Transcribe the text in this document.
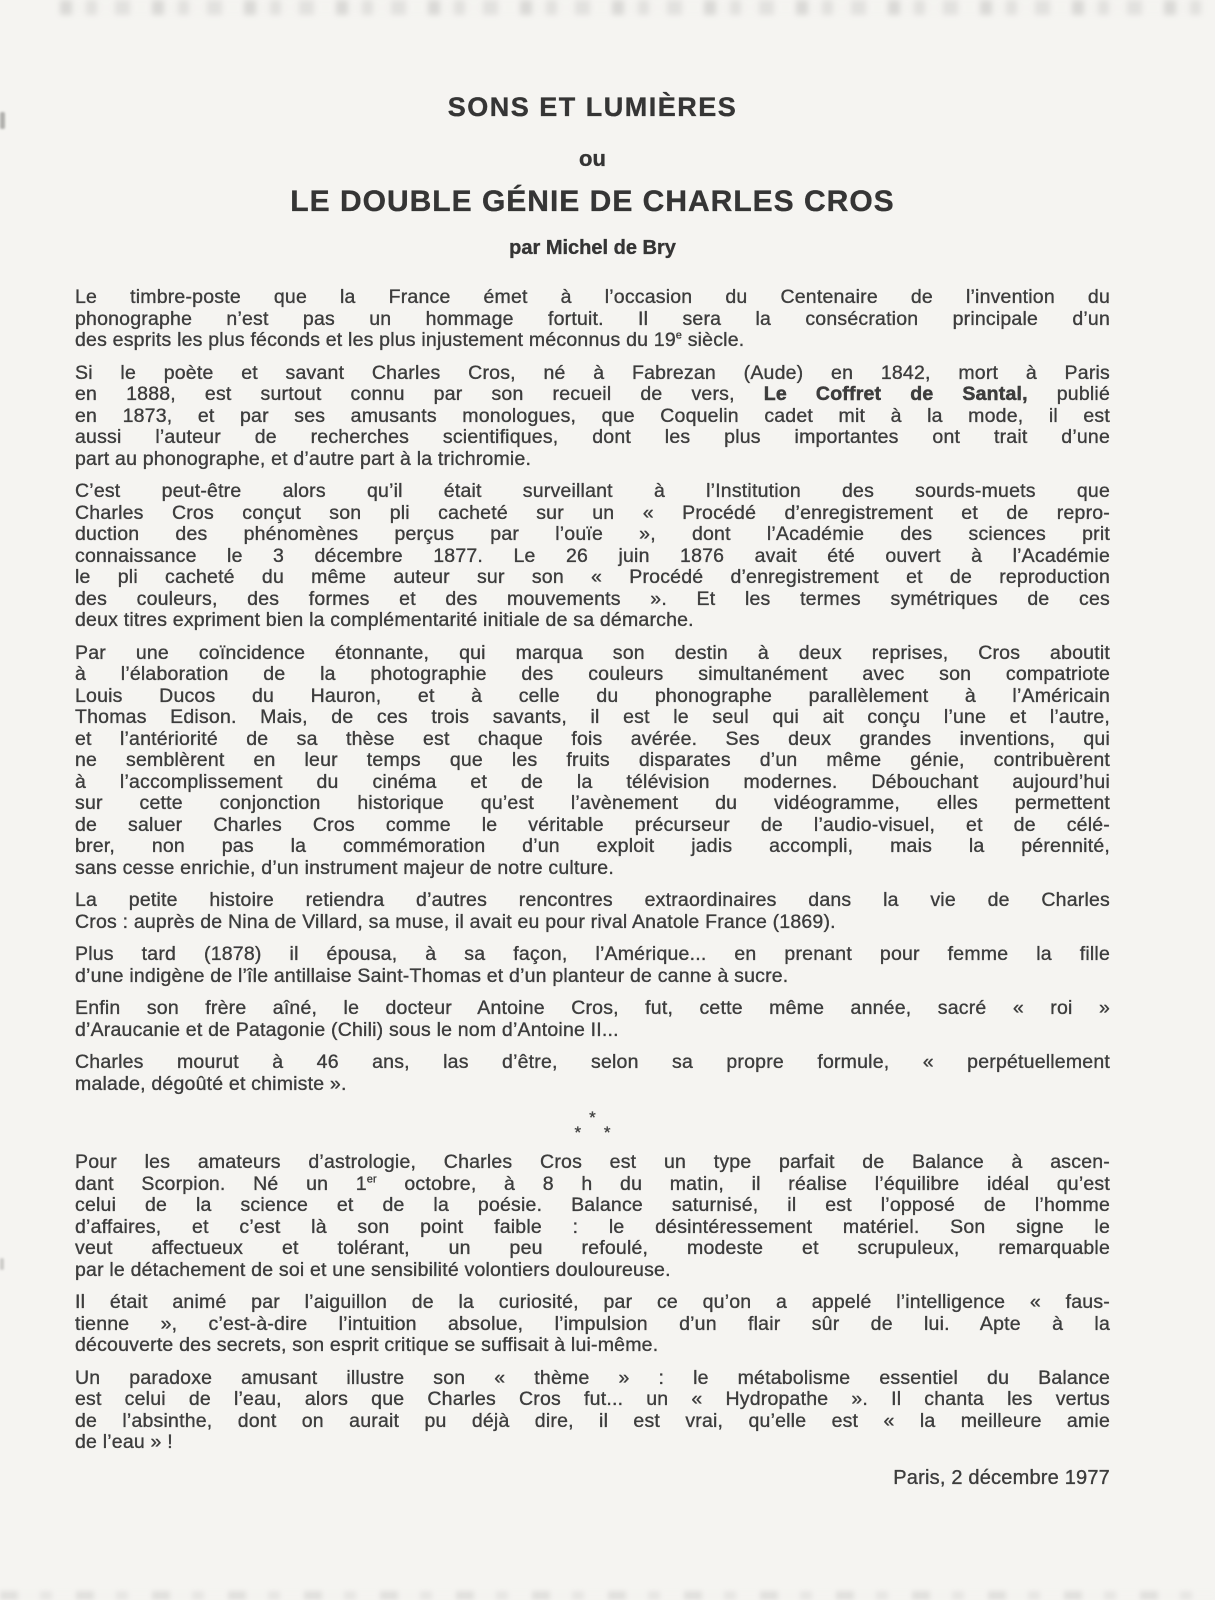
SONS ET LUMIÈRES
ou
LE DOUBLE GÉNIE DE CHARLES CROS
par Michel de Bry

Le timbre-poste que la France émet à l’occasion du Centenaire de l’invention du
phonographe n’est pas un hommage fortuit. Il sera la consécration principale d’un
des esprits les plus féconds et les plus injustement méconnus du 19e siècle.

Si le poète et savant Charles Cros, né à Fabrezan (Aude) en 1842, mort à Paris
en 1888, est surtout connu par son recueil de vers, Le Coffret de Santal, publié
en 1873, et par ses amusants monologues, que Coquelin cadet mit à la mode, il est
aussi l’auteur de recherches scientifiques, dont les plus importantes ont trait d’une
part au phonographe, et d’autre part à la trichromie.

C’est peut-être alors qu’il était surveillant à l’Institution des sourds-muets que
Charles Cros conçut son pli cacheté sur un « Procédé d’enregistrement et de repro-
duction des phénomènes perçus par l’ouïe », dont l’Académie des sciences prit
connaissance le 3 décembre 1877. Le 26 juin 1876 avait été ouvert à l’Académie
le pli cacheté du même auteur sur son « Procédé d’enregistrement et de reproduction
des couleurs, des formes et des mouvements ». Et les termes symétriques de ces
deux titres expriment bien la complémentarité initiale de sa démarche.

Par une coïncidence étonnante, qui marqua son destin à deux reprises, Cros aboutit
à l’élaboration de la photographie des couleurs simultanément avec son compatriote
Louis Ducos du Hauron, et à celle du phonographe parallèlement à l’Américain
Thomas Edison. Mais, de ces trois savants, il est le seul qui ait conçu l’une et l’autre,
et l’antériorité de sa thèse est chaque fois avérée. Ses deux grandes inventions, qui
ne semblèrent en leur temps que les fruits disparates d’un même génie, contribuèrent
à l’accomplissement du cinéma et de la télévision modernes. Débouchant aujourd’hui
sur cette conjonction historique qu’est l’avènement du vidéogramme, elles permettent
de saluer Charles Cros comme le véritable précurseur de l’audio-visuel, et de célé-
brer, non pas la commémoration d’un exploit jadis accompli, mais la pérennité,
sans cesse enrichie, d’un instrument majeur de notre culture.

La petite histoire retiendra d’autres rencontres extraordinaires dans la vie de Charles
Cros : auprès de Nina de Villard, sa muse, il avait eu pour rival Anatole France (1869).

Plus tard (1878) il épousa, à sa façon, l’Amérique... en prenant pour femme la fille
d’une indigène de l’île antillaise Saint-Thomas et d’un planteur de canne à sucre.

Enfin son frère aîné, le docteur Antoine Cros, fut, cette même année, sacré « roi »
d’Araucanie et de Patagonie (Chili) sous le nom d’Antoine II...

Charles mourut à 46 ans, las d’être, selon sa propre formule, « perpétuellement
malade, dégoûté et chimiste ».

*
* *

Pour les amateurs d’astrologie, Charles Cros est un type parfait de Balance à ascen-
dant Scorpion. Né un 1er octobre, à 8 h du matin, il réalise l’équilibre idéal qu’est
celui de la science et de la poésie. Balance saturnisé, il est l’opposé de l’homme
d’affaires, et c’est là son point faible : le désintéressement matériel. Son signe le
veut affectueux et tolérant, un peu refoulé, modeste et scrupuleux, remarquable
par le détachement de soi et une sensibilité volontiers douloureuse.

Il était animé par l’aiguillon de la curiosité, par ce qu’on a appelé l’intelligence « faus-
tienne », c’est-à-dire l’intuition absolue, l’impulsion d’un flair sûr de lui. Apte à la
découverte des secrets, son esprit critique se suffisait à lui-même.

Un paradoxe amusant illustre son « thème » : le métabolisme essentiel du Balance
est celui de l’eau, alors que Charles Cros fut... un « Hydropathe ». Il chanta les vertus
de l’absinthe, dont on aurait pu déjà dire, il est vrai, qu’elle est « la meilleure amie
de l’eau » !

Paris, 2 décembre 1977
